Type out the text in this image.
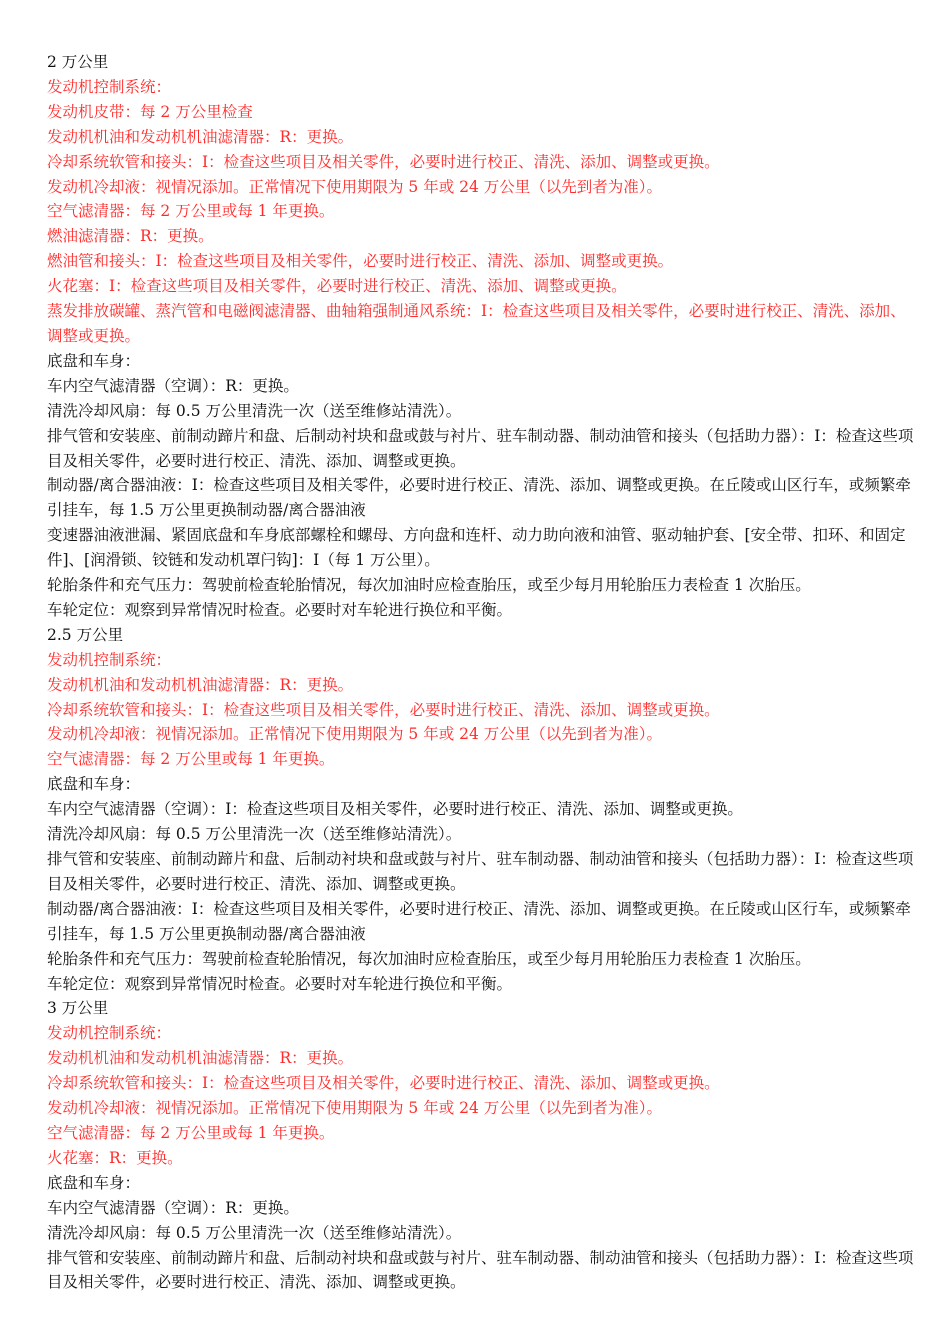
2 万公里

发动机控制系统：

发动机皮带：每 2 万公里检查

发动机机油和发动机机油滤清器：R：更换。

冷却系统软管和接头：I：检查这些项目及相关零件，必要时进行校正、清洗、添加、调整或更换。

发动机冷却液：视情况添加。正常情况下使用期限为 5 年或 24 万公里（以先到者为准）。

空气滤清器：每 2 万公里或每 1 年更换。

燃油滤清器：R：更换。

燃油管和接头：I：检查这些项目及相关零件，必要时进行校正、清洗、添加、调整或更换。

火花塞：I：检查这些项目及相关零件，必要时进行校正、清洗、添加、调整或更换。

蒸发排放碳罐、蒸汽管和电磁阀滤清器、曲轴箱强制通风系统：I：检查这些项目及相关零件，必要时进行校正、清洗、添加、调整或更换。

底盘和车身：

车内空气滤清器（空调）：R：更换。

清洗冷却风扇：每 0.5 万公里清洗一次（送至维修站清洗）。

排气管和安装座、前制动蹄片和盘、后制动衬块和盘或鼓与衬片、驻车制动器、制动油管和接头（包括助力器）：I：检查这些项目及相关零件，必要时进行校正、清洗、添加、调整或更换。

制动器/离合器油液：I：检查这些项目及相关零件，必要时进行校正、清洗、添加、调整或更换。在丘陵或山区行车，或频繁牵引挂车，每 1.5 万公里更换制动器/离合器油液

变速器油液泄漏、紧固底盘和车身底部螺栓和螺母、方向盘和连杆、动力助向液和油管、驱动轴护套、[安全带、扣环、和固定件]、[润滑锁、铰链和发动机罩闩钩]：I（每 1 万公里）。

轮胎条件和充气压力：驾驶前检查轮胎情况，每次加油时应检查胎压，或至少每月用轮胎压力表检查 1 次胎压。

车轮定位：观察到异常情况时检查。必要时对车轮进行换位和平衡。

2.5 万公里

发动机控制系统：

发动机机油和发动机机油滤清器：R：更换。

冷却系统软管和接头：I：检查这些项目及相关零件，必要时进行校正、清洗、添加、调整或更换。

发动机冷却液：视情况添加。正常情况下使用期限为 5 年或 24 万公里（以先到者为准）。

空气滤清器：每 2 万公里或每 1 年更换。

底盘和车身：

车内空气滤清器（空调）：I：检查这些项目及相关零件，必要时进行校正、清洗、添加、调整或更换。

清洗冷却风扇：每 0.5 万公里清洗一次（送至维修站清洗）。

排气管和安装座、前制动蹄片和盘、后制动衬块和盘或鼓与衬片、驻车制动器、制动油管和接头（包括助力器）：I：检查这些项目及相关零件，必要时进行校正、清洗、添加、调整或更换。

制动器/离合器油液：I：检查这些项目及相关零件，必要时进行校正、清洗、添加、调整或更换。在丘陵或山区行车，或频繁牵引挂车，每 1.5 万公里更换制动器/离合器油液

轮胎条件和充气压力：驾驶前检查轮胎情况，每次加油时应检查胎压，或至少每月用轮胎压力表检查 1 次胎压。

车轮定位：观察到异常情况时检查。必要时对车轮进行换位和平衡。

3 万公里

发动机控制系统：

发动机机油和发动机机油滤清器：R：更换。

冷却系统软管和接头：I：检查这些项目及相关零件，必要时进行校正、清洗、添加、调整或更换。

发动机冷却液：视情况添加。正常情况下使用期限为 5 年或 24 万公里（以先到者为准）。

空气滤清器：每 2 万公里或每 1 年更换。

火花塞：R：更换。

底盘和车身：

车内空气滤清器（空调）：R：更换。

清洗冷却风扇：每 0.5 万公里清洗一次（送至维修站清洗）。

排气管和安装座、前制动蹄片和盘、后制动衬块和盘或鼓与衬片、驻车制动器、制动油管和接头（包括助力器）：I：检查这些项目及相关零件，必要时进行校正、清洗、添加、调整或更换。
